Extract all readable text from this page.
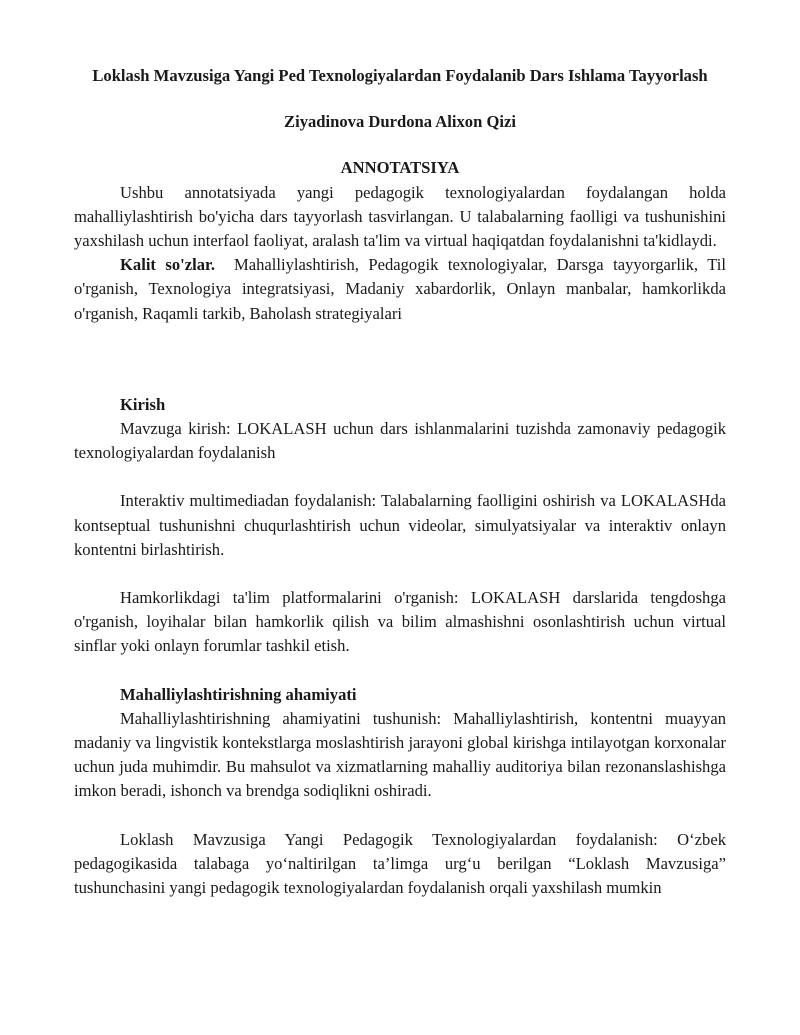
Loklash Mavzusiga Yangi Ped Texnologiyalardan Foydalanib Dars Ishlama Tayyorlash
Ziyadinova Durdona Alixon Qizi
ANNOTATSIYA

Ushbu annotatsiyada yangi pedagogik texnologiyalardan foydalangan holda mahalliylashtirish bo'yicha dars tayyorlash tasvirlangan. U talabalarning faolligi va tushunishini yaxshilash uchun interfaol faoliyat, aralash ta'lim va virtual haqiqatdan foydalanishni ta'kidlaydi.

Kalit so'zlar. Mahalliylashtirish, Pedagogik texnologiyalar, Darsga tayyorgarlik, Til o'rganish, Texnologiya integratsiyasi, Madaniy xabardorlik, Onlayn manbalar, hamkorlikda o'rganish, Raqamli tarkib, Baholash strategiyalari

Kirish

Mavzuga kirish: LOKALASH uchun dars ishlanmalarini tuzishda zamonaviy pedagogik texnologiyalardan foydalanish

Interaktiv multimediadan foydalanish: Talabalarning faolligini oshirish va LOKALASHda kontseptual tushunishni chuqurlashtirish uchun videolar, simulyatsiyalar va interaktiv onlayn kontentni birlashtirish.

Hamkorlikdagi ta'lim platformalarini o'rganish: LOKALASH darslarida tengdoshga o'rganish, loyihalar bilan hamkorlik qilish va bilim almashishni osonlashtirish uchun virtual sinflar yoki onlayn forumlar tashkil etish.

Mahalliylashtirishning ahamiyati

Mahalliylashtirishning ahamiyatini tushunish: Mahalliylashtirish, kontentni muayyan madaniy va lingvistik kontekstlarga moslashtirish jarayoni global kirishga intilayotgan korxonalar uchun juda muhimdir. Bu mahsulot va xizmatlarning mahalliy auditoriya bilan rezonanslashishga imkon beradi, ishonch va brendga sodiqlikni oshiradi.

Loklash Mavzusiga Yangi Pedagogik Texnologiyalardan foydalanish: O‘zbek pedagogikasida talabaga yo‘naltirilgan ta’limga urg‘u berilgan “Loklash Mavzusiga” tushunchasini yangi pedagogik texnologiyalardan foydalanish orqali yaxshilash mumkin
